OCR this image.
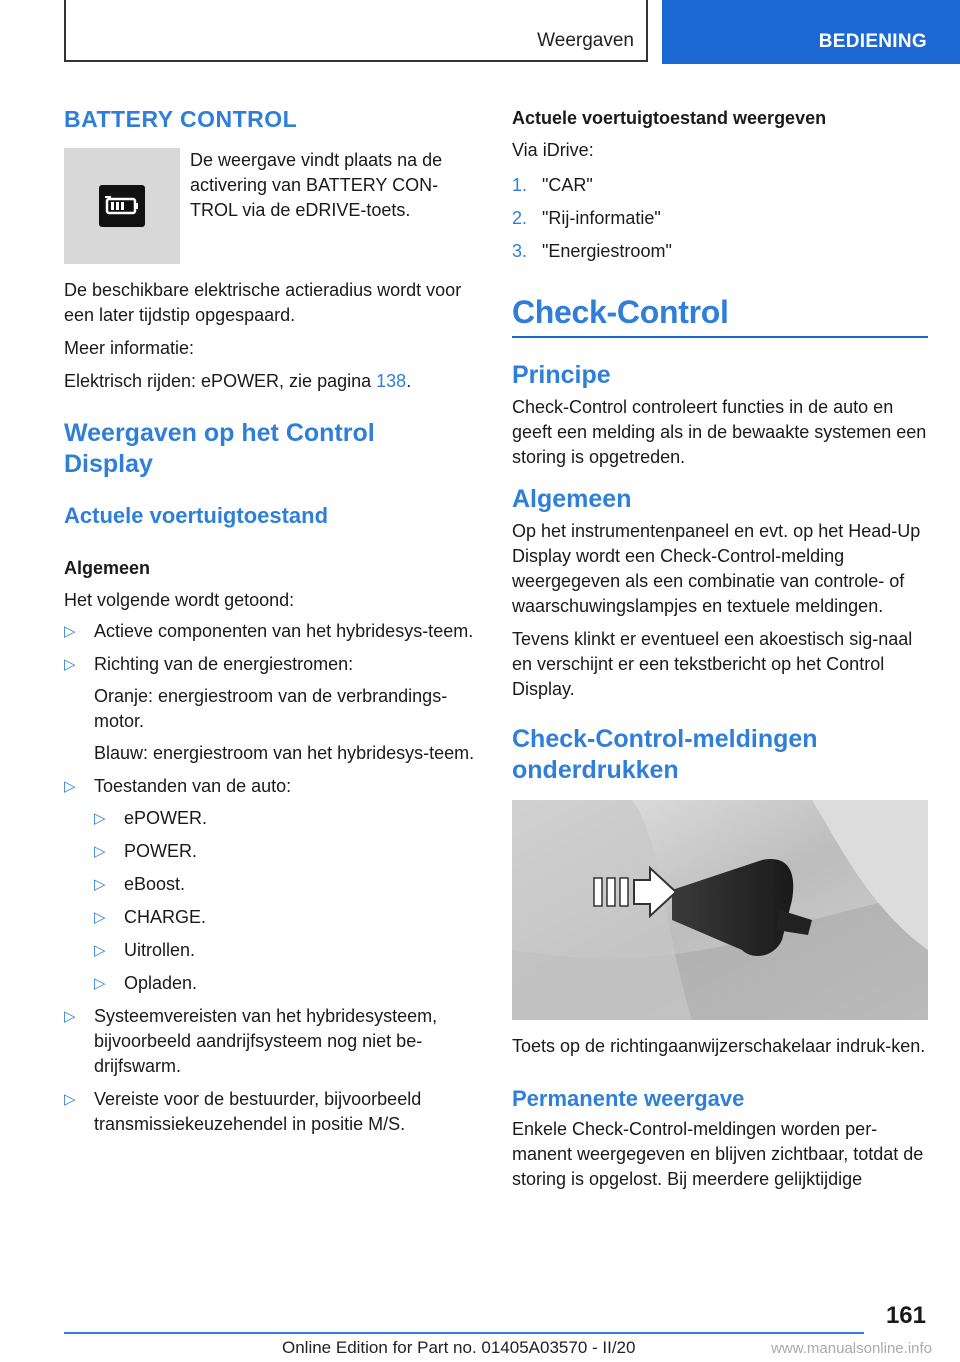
Weergaven	BEDIENING
BATTERY CONTROL

De weergave vindt plaats na de activering van BATTERY CON-TROL via de eDRIVE-toets.

De beschikbare elektrische actieradius wordt voor een later tijdstip opgespaard.

Meer informatie:

Elektrisch rijden: ePOWER, zie pagina 138.

Weergaven op het Control Display
Actuele voertuigtoestand
Algemeen

Het volgende wordt getoond:

▷ Actieve componenten van het hybridesys-teem.
▷ Richting van de energiestromen:

Oranje: energiestroom van de verbrandings-motor.

Blauw: energiestroom van het hybridesys-teem.

▷ Toestanden van de auto:
▷ ePOWER.
▷ POWER.
▷ eBoost.
▷ CHARGE.
▷ Uitrollen.
▷ Opladen.
▷ Systeemvereisten van het hybridesysteem, bijvoorbeeld aandrijfsysteem nog niet be-drijfswarm.
▷ Vereiste voor de bestuurder, bijvoorbeeld transmissiekeuzehendel in positie M/S.
Actuele voertuigtoestand weergeven

Via iDrive:

1. "CAR"
2. "Rij-informatie"
3. "Energiestroom"
Check-Control
Principe

Check-Control controleert functies in de auto en geeft een melding als in de bewaakte systemen een storing is opgetreden.

Algemeen

Op het instrumentenpaneel en evt. op het Head-Up Display wordt een Check-Control-melding weergegeven als een combinatie van controle- of waarschuwingslampjes en textuele meldingen.

Tevens klinkt er eventueel een akoestisch sig-naal en verschijnt er een tekstbericht op het Control Display.

Check-Control-meldingen onderdrukken

Toets op de richtingaanwijzerschakelaar indruk-ken.

Permanente weergave

Enkele Check-Control-meldingen worden per-manent weergegeven en blijven zichtbaar, totdat de storing is opgelost. Bij meerdere gelijktijdige

161
Online Edition for Part no. 01405A03570 - II/20	www.manualsonline.info
